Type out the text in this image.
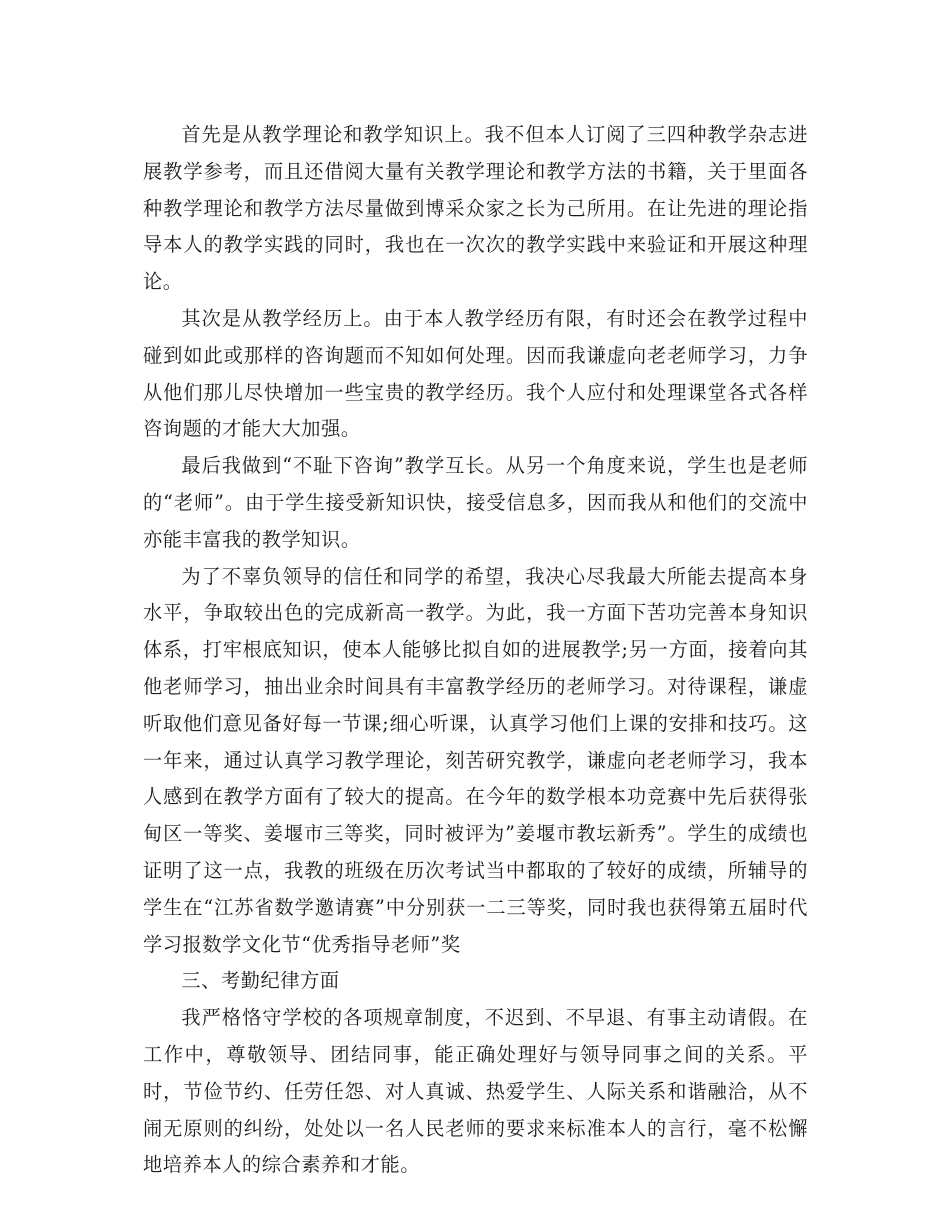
首先是从教学理论和教学知识上。我不但本人订阅了三四种教学杂志进展教学参考，而且还借阅大量有关教学理论和教学方法的书籍，关于里面各种教学理论和教学方法尽量做到博采众家之长为己所用。在让先进的理论指导本人的教学实践的同时，我也在一次次的教学实践中来验证和开展这种理论。

其次是从教学经历上。由于本人教学经历有限，有时还会在教学过程中碰到如此或那样的咨询题而不知如何处理。因而我谦虚向老老师学习，力争从他们那儿尽快增加一些宝贵的教学经历。我个人应付和处理课堂各式各样咨询题的才能大大加强。

最后我做到“不耻下咨询”教学互长。从另一个角度来说，学生也是老师的“老师”。由于学生接受新知识快，接受信息多，因而我从和他们的交流中亦能丰富我的教学知识。

为了不辜负领导的信任和同学的希望，我决心尽我最大所能去提高本身水平，争取较出色的完成新高一教学。为此，我一方面下苦功完善本身知识体系，打牢根底知识，使本人能够比拟自如的进展教学;另一方面，接着向其他老师学习，抽出业余时间具有丰富教学经历的老师学习。对待课程，谦虚听取他们意见备好每一节课;细心听课，认真学习他们上课的安排和技巧。这一年来，通过认真学习教学理论，刻苦研究教学，谦虚向老老师学习，我本人感到在教学方面有了较大的提高。在今年的数学根本功竞赛中先后获得张甸区一等奖、姜堰市三等奖，同时被评为”姜堰市教坛新秀”。学生的成绩也证明了这一点，我教的班级在历次考试当中都取的了较好的成绩，所辅导的学生在“江苏省数学邀请赛”中分别获一二三等奖，同时我也获得第五届时代学习报数学文化节“优秀指导老师”奖

三、考勤纪律方面

我严格恪守学校的各项规章制度，不迟到、不早退、有事主动请假。在工作中，尊敬领导、团结同事，能正确处理好与领导同事之间的关系。平时，节俭节约、任劳任怨、对人真诚、热爱学生、人际关系和谐融洽，从不闹无原则的纠纷，处处以一名人民老师的要求来标准本人的言行，毫不松懈地培养本人的综合素养和才能。
